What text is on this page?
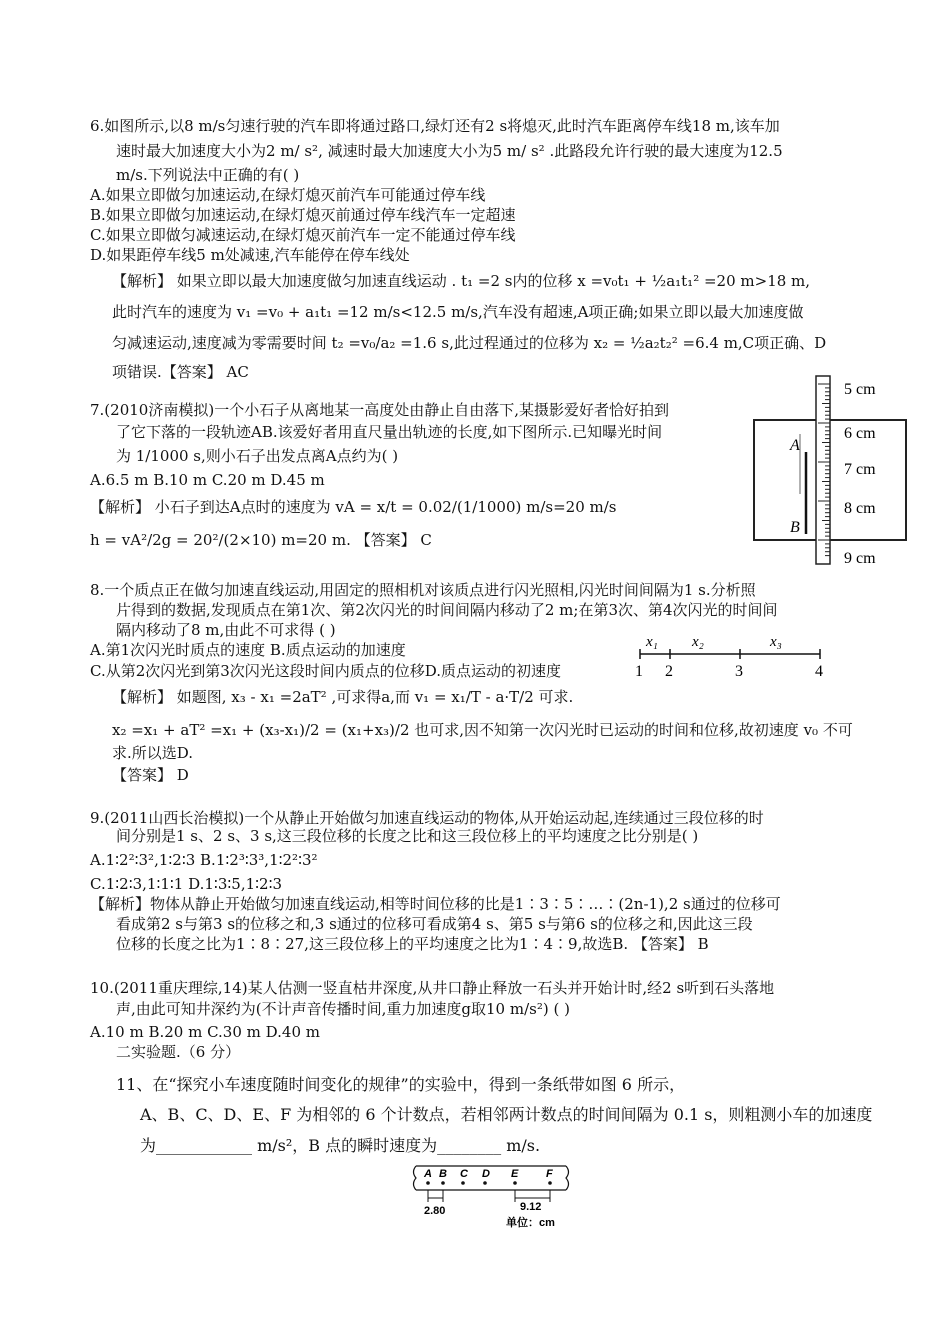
6.如图所示,以8 m/s匀速行驶的汽车即将通过路口,绿灯还有2 s将熄灭,此时汽车距离停车线18 m,该车加
速时最大加速度大小为2 m/ s², 减速时最大加速度大小为5 m/ s² .此路段允许行驶的最大速度为12.5
m/s.下列说法中正确的有( )
A.如果立即做匀加速运动,在绿灯熄灭前汽车可能通过停车线
B.如果立即做匀加速运动,在绿灯熄灭前通过停车线汽车一定超速
C.如果立即做匀减速运动,在绿灯熄灭前汽车一定不能通过停车线
D.如果距停车线5 m处减速,汽车能停在停车线处
【解析】 如果立即以最大加速度做匀加速直线运动 . t₁ =2 s内的位移 x =v₀t₁ + ½a₁t₁² =20 m>18 m,
此时汽车的速度为 v₁ =v₀ + a₁t₁ =12 m/s<12.5 m/s,汽车没有超速,A项正确;如果立即以最大加速度做
匀减速运动,速度减为零需要时间 t₂ =v₀/a₂ =1.6 s,此过程通过的位移为 x₂ = ½a₂t₂² =6.4 m,C项正确、D
项错误.【答案】 AC
7.(2010济南模拟)一个小石子从离地某一高度处由静止自由落下,某摄影爱好者恰好拍到
了它下落的一段轨迹AB.该爱好者用直尺量出轨迹的长度,如下图所示.已知曝光时间
为 1/1000 s,则小石子出发点离A点约为( )
A.6.5 m B.10 m C.20 m D.45 m
【解析】 小石子到达A点时的速度为 vA = x/t = 0.02/(1/1000) m/s=20 m/s
h = vA²/2g = 20²/(2×10) m=20 m. 【答案】 C
A
B
5 cm
6 cm
7 cm
8 cm
9 cm
8.一个质点正在做匀加速直线运动,用固定的照相机对该质点进行闪光照相,闪光时间间隔为1 s.分析照
片得到的数据,发现质点在第1次、第2次闪光的时间间隔内移动了2 m;在第3次、第4次闪光的时间间
隔内移动了8 m,由此不可求得 ( )
A.第1次闪光时质点的速度 B.质点运动的加速度
C.从第2次闪光到第3次闪光这段时间内质点的位移D.质点运动的初速度
【解析】 如题图, x₃ - x₁ =2aT² ,可求得a,而 v₁ = x₁/T - a·T/2 可求.
x₂ =x₁ + aT² =x₁ + (x₃-x₁)/2 = (x₁+x₃)/2 也可求,因不知第一次闪光时已运动的时间和位移,故初速度 v₀ 不可
求.所以选D.
【答案】 D
x₁ x₂	x₃
1 2	3	4
9.(2011山西长治模拟)一个从静止开始做匀加速直线运动的物体,从开始运动起,连续通过三段位移的时
间分别是1 s、2 s、3 s,这三段位移的长度之比和这三段位移上的平均速度之比分别是( )
A.1∶2²∶3²,1∶2∶3 B.1∶2³∶3³,1∶2²∶3²
C.1∶2∶3,1∶1∶1 D.1∶3∶5,1∶2∶3
【解析】物体从静止开始做匀加速直线运动,相等时间位移的比是1∶3∶5∶…∶(2n-1),2 s通过的位移可
看成第2 s与第3 s的位移之和,3 s通过的位移可看成第4 s、第5 s与第6 s的位移之和,因此这三段
位移的长度之比为1∶8∶27,这三段位移上的平均速度之比为1∶4∶9,故选B. 【答案】 B
10.(2011重庆理综,14)某人估测一竖直枯井深度,从井口静止释放一石头并开始计时,经2 s听到石头落地
声,由此可知井深约为(不计声音传播时间,重力加速度g取10 m/s²) ( )
A.10 m B.20 m C.30 m D.40 m
二实验题.（6 分）
11、在“探究小车速度随时间变化的规律”的实验中，得到一条纸带如图 6 所示，
A、B、C、D、E、F 为相邻的 6 个计数点，若相邻两计数点的时间间隔为 0.1 s，则粗测小车的加速度
为____________ m/s²，B 点的瞬时速度为________ m/s.
A B C D E	F
2.80	9.12
单位：cm
